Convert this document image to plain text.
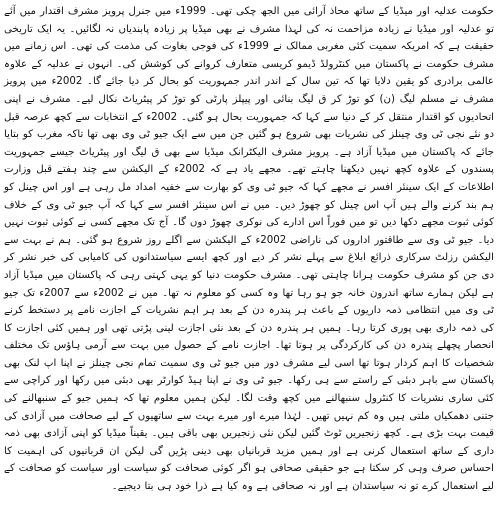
حکومت عدلیہ اور میڈیا کے ساتھ محاذ آرائی میں الجھ چکی تھی۔ 1999ء میں جنرل پرویز مشرف اقتدار میں آئے تو عدلیہ اور میڈیا نے زیادہ مزاحمت نہ کی لہذا مشرف نے بھی میڈیا پر زیادہ پابندیاں نہ لگائیں۔ یہ ایک تاریخی حقیقت ہے کہ امریکہ سمیت کئی مغربی ممالک نے 1999ء کی فوجی بغاوت کی مذمت کی تھی۔ اس زمانے میں مشرف حکومت نے پاکستان میں کنٹرولڈ ڈیمو کریسی متعارف کروانے کی کوشش کی۔ انہوں نے عدلیہ کے علاوہ عالمی برادری کو یقین دلایا تھا کہ تین سال کے اندر اندر جمہوریت کو بحال کر دیا جائے گا۔ 2002ء میں پرویز مشرف نے مسلم لیگ (ن) کو توڑ کر ق لیگ بنائی اور پیپلز پارٹی کو توڑ کر پیٹریاٹ نکال لیے۔ مشرف نے اپنی اتحادیوں کو اقتدار منتقل کر کے دنیا سے کہا کہ جمہوریت بحال ہو گئی۔ 2002ء کے انتخابات سے کچھ عرصہ قبل دو نئے نجی ٹی وی چینلز کی نشریات بھی شروع ہو گئیں جن میں سے ایک جیو ٹی وی بھی تھا تاکہ مغرب کو بتایا جائے کہ پاکستان میں میڈیا آزاد ہے۔ پرویز مشرف الیکٹرانک میڈیا سے بھی ق لیگ اور پیٹریاٹ جیسے جمہوریت پسندوں کے علاوہ کچھ نہیں دیکھنا چاہتے تھے۔ مجھے یاد ہے کہ 2002ء کے الیکشن سے چند ہفتے قبل وزارت اطلاعات کے ایک سینئر افسر نے مجھے کہا کہ جیو ٹی وی کو بھارت سے خفیہ امداد مل رہی ہے اور اس چینل کو ہم بند کرنے والے ہیں آپ اس چینل کو چھوڑ دیں۔ میں نے اس سینئر افسر سے کہا کہ آپ جیو ٹی وی کے خلاف کوئی ثبوت مجھے دکھا دیں تو میں فوراً اس ادارے کی نوکری چھوڑ دوں گا۔ آج تک مجھے کسی نے کوئی ثبوت نہیں دیا۔ جیو ٹی وی سے طاقتور اداروں کی ناراضی 2002ء کے الیکشن سے اگلے روز شروع ہو گئی۔ ہم نے بہت سے الیکشن رزلٹ سرکاری ذرائع ابلاغ سے پہلے نشر کر دیے اور کچھ ایسے سیاستدانوں کی کامیابی کی خبر نشر کر دی جن کو مشرف حکومت ہرانا چاہتی تھی۔ مشرف حکومت دنیا کو یہی کہتی رہی کہ پاکستان میں میڈیا آزاد ہے لیکن ہمارے ساتھ اندرون خانہ جو ہو رہا تھا وہ کسی کو معلوم نہ تھا۔ میں نے 2002ء سے 2007ء تک جیو ٹی وی میں انتظامی ذمہ داریوں کے باعث ہر پندرہ دن کے بعد ہر اہم نشریات کے اجازت نامے پر دستخط کرنے کی ذمہ داری بھی پوری کرتا رہا۔ ہمیں ہر پندرہ دن کے بعد نئی اجازت لینی پڑتی تھی اور ہمیں کئی اجازت کا انحصار پچھلے پندرہ دن کی کارکردگی پر ہوتا تھا۔ اجازت نامے کے حصول میں بہت سے آرمی ہاؤس تک مختلف شخصیات کا اہم کردار ہوتا تھا اسی لیے مشرف دور میں جیو ٹی وی سمیت تمام نجی چینلز نے اپنا اپ لنک بھی پاکستان سے باہر دبئی کے راستے سے ہی رکھا۔ جیو ٹی وی نے اپنا ہیڈ کوارٹر بھی دبئی میں رکھا اور کراچی سے کئی ساری نشریات کا کنٹرول سنبھالنے میں کچھ وقت لگا۔ لیکن ہمیں معلوم تھا کہ ہمیں جیو کے سنبھالنے کی جتنی دھمکیاں ملتی ہیں وہ کم نہیں تھیں۔ لہٰذا میرے اور میرے بہت سے ساتھیوں کے لیے صحافت میں آزادی کی قیمت بہت بڑی ہے۔ کچھ زنجیریں ٹوٹ گئیں لیکن نئی زنجیریں بھی باقی ہیں۔ یقیناً میڈیا کو اپنی آزادی بھی ذمہ داری کے ساتھ استعمال کرنی ہے اور ہمیں مزید قربانیاں بھی دینی پڑیں گی لیکن ان قربانیوں کی اہمیت کا احساس صرف وہی کر سکتا ہے جو حقیقی صحافی ہو اگر کوئی صحافت کو سیاست اور سیاست کو صحافت کے لیے استعمال کرے تو نہ سیاستدان ہے اور نہ صحافی ہے وہ کیا ہے ذرا خود ہی بتا دیجیے۔
